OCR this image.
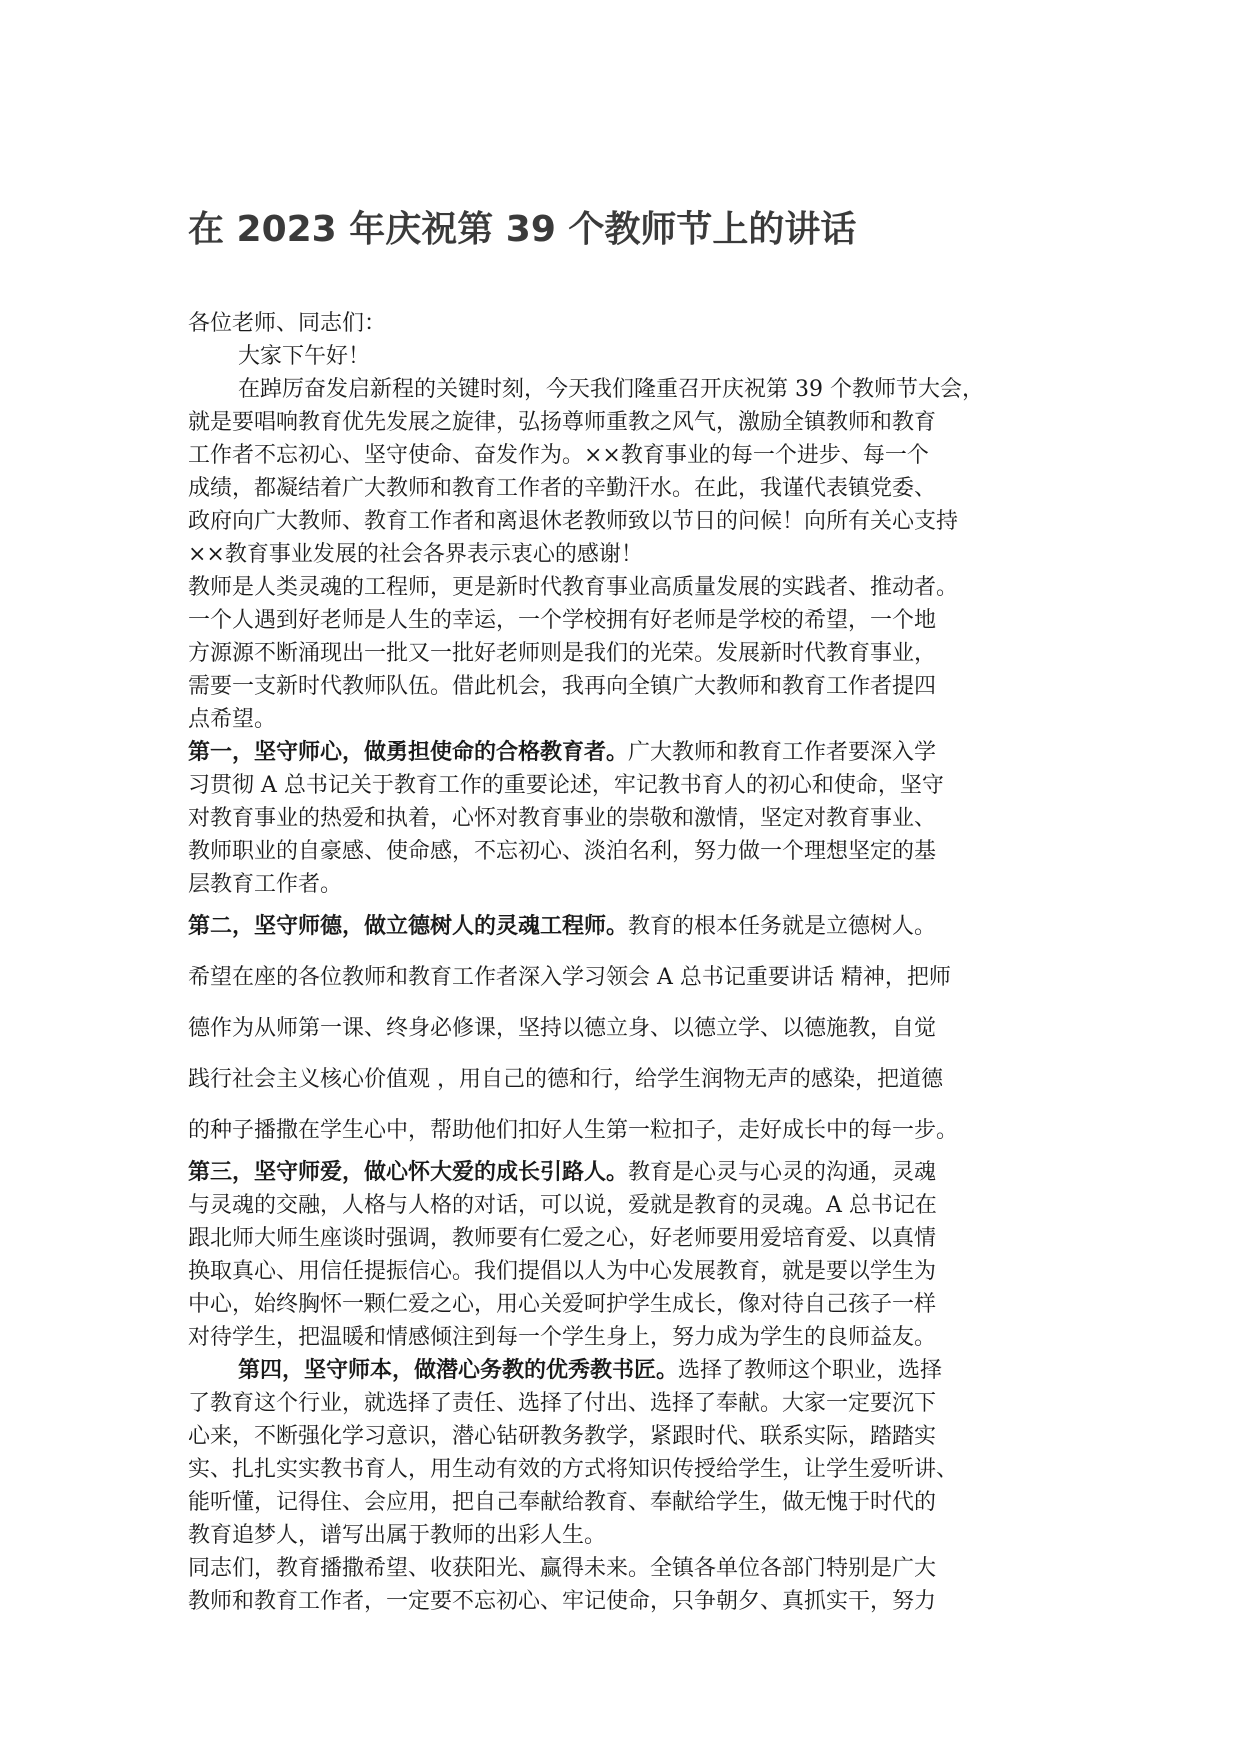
在 2023 年庆祝第 39 个教师节上的讲话
各位老师、同志们：
大家下午好！
在踔厉奋发启新程的关键时刻，今天我们隆重召开庆祝第 39 个教师节大会，
就是要唱响教育优先发展之旋律，弘扬尊师重教之风气，激励全镇教师和教育
工作者不忘初心、坚守使命、奋发作为。××教育事业的每一个进步、每一个
成绩，都凝结着广大教师和教育工作者的辛勤汗水。在此，我谨代表镇党委、
政府向广大教师、教育工作者和离退休老教师致以节日的问候！向所有关心支持
××教育事业发展的社会各界表示衷心的感谢！
教师是人类灵魂的工程师，更是新时代教育事业高质量发展的实践者、推动者。
一个人遇到好老师是人生的幸运，一个学校拥有好老师是学校的希望，一个地
方源源不断涌现出一批又一批好老师则是我们的光荣。发展新时代教育事业，
需要一支新时代教师队伍。借此机会，我再向全镇广大教师和教育工作者提四
点希望。
第一，坚守师心，做勇担使命的合格教育者。广大教师和教育工作者要深入学
习贯彻 A 总书记关于教育工作的重要论述，牢记教书育人的初心和使命，坚守
对教育事业的热爱和执着，心怀对教育事业的崇敬和激情，坚定对教育事业、
教师职业的自豪感、使命感，不忘初心、淡泊名利，努力做一个理想坚定的基
层教育工作者。
第二，坚守师德，做立德树人的灵魂工程师。教育的根本任务就是立德树人。
希望在座的各位教师和教育工作者深入学习领会 A 总书记重要讲话 精神，把师
德作为从师第一课、终身必修课，坚持以德立身、以德立学、以德施教，自觉
践行社会主义核心价值观 ，用自己的德和行，给学生润物无声的感染，把道德
的种子播撒在学生心中，帮助他们扣好人生第一粒扣子，走好成长中的每一步。
第三，坚守师爱，做心怀大爱的成长引路人。教育是心灵与心灵的沟通，灵魂
与灵魂的交融，人格与人格的对话，可以说，爱就是教育的灵魂。A 总书记在
跟北师大师生座谈时强调，教师要有仁爱之心，好老师要用爱培育爱、以真情
换取真心、用信任提振信心。我们提倡以人为中心发展教育，就是要以学生为
中心，始终胸怀一颗仁爱之心，用心关爱呵护学生成长，像对待自己孩子一样
对待学生，把温暖和情感倾注到每一个学生身上，努力成为学生的良师益友。
第四，坚守师本，做潜心务教的优秀教书匠。选择了教师这个职业，选择
了教育这个行业，就选择了责任、选择了付出、选择了奉献。大家一定要沉下
心来，不断强化学习意识，潜心钻研教务教学，紧跟时代、联系实际，踏踏实
实、扎扎实实教书育人，用生动有效的方式将知识传授给学生，让学生爱听讲、
能听懂，记得住、会应用，把自己奉献给教育、奉献给学生，做无愧于时代的
教育追梦人，谱写出属于教师的出彩人生。
同志们，教育播撒希望、收获阳光、赢得未来。全镇各单位各部门特别是广大
教师和教育工作者，一定要不忘初心、牢记使命，只争朝夕、真抓实干，努力
